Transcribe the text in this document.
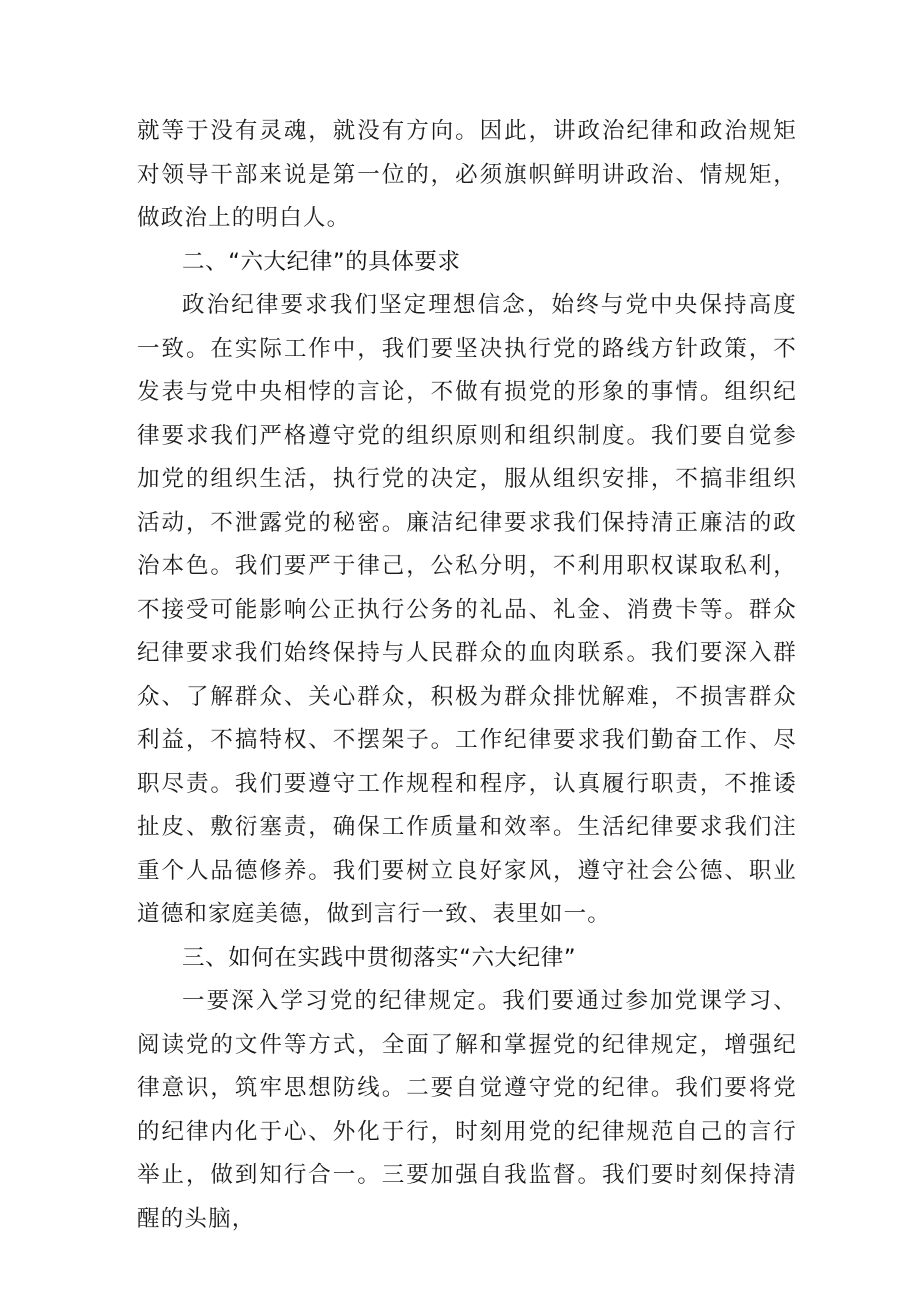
就等于没有灵魂，就没有方向。因此，讲政治纪律和政治规矩对领导干部来说是第一位的，必须旗帜鲜明讲政治、情规矩，做政治上的明白人。

二、“六大纪律”的具体要求

政治纪律要求我们坚定理想信念，始终与党中央保持高度一致。在实际工作中，我们要坚决执行党的路线方针政策，不发表与党中央相悖的言论，不做有损党的形象的事情。组织纪律要求我们严格遵守党的组织原则和组织制度。我们要自觉参加党的组织生活，执行党的决定，服从组织安排，不搞非组织活动，不泄露党的秘密。廉洁纪律要求我们保持清正廉洁的政治本色。我们要严于律己，公私分明，不利用职权谋取私利，不接受可能影响公正执行公务的礼品、礼金、消费卡等。群众纪律要求我们始终保持与人民群众的血肉联系。我们要深入群众、了解群众、关心群众，积极为群众排忧解难，不损害群众利益，不搞特权、不摆架子。工作纪律要求我们勤奋工作、尽职尽责。我们要遵守工作规程和程序，认真履行职责，不推诿扯皮、敷衍塞责，确保工作质量和效率。生活纪律要求我们注重个人品德修养。我们要树立良好家风，遵守社会公德、职业道德和家庭美德，做到言行一致、表里如一。

三、如何在实践中贯彻落实“六大纪律”

一要深入学习党的纪律规定。我们要通过参加党课学习、阅读党的文件等方式，全面了解和掌握党的纪律规定，增强纪律意识，筑牢思想防线。二要自觉遵守党的纪律。我们要将党的纪律内化于心、外化于行，时刻用党的纪律规范自己的言行举止，做到知行合一。三要加强自我监督。我们要时刻保持清醒的头脑，
